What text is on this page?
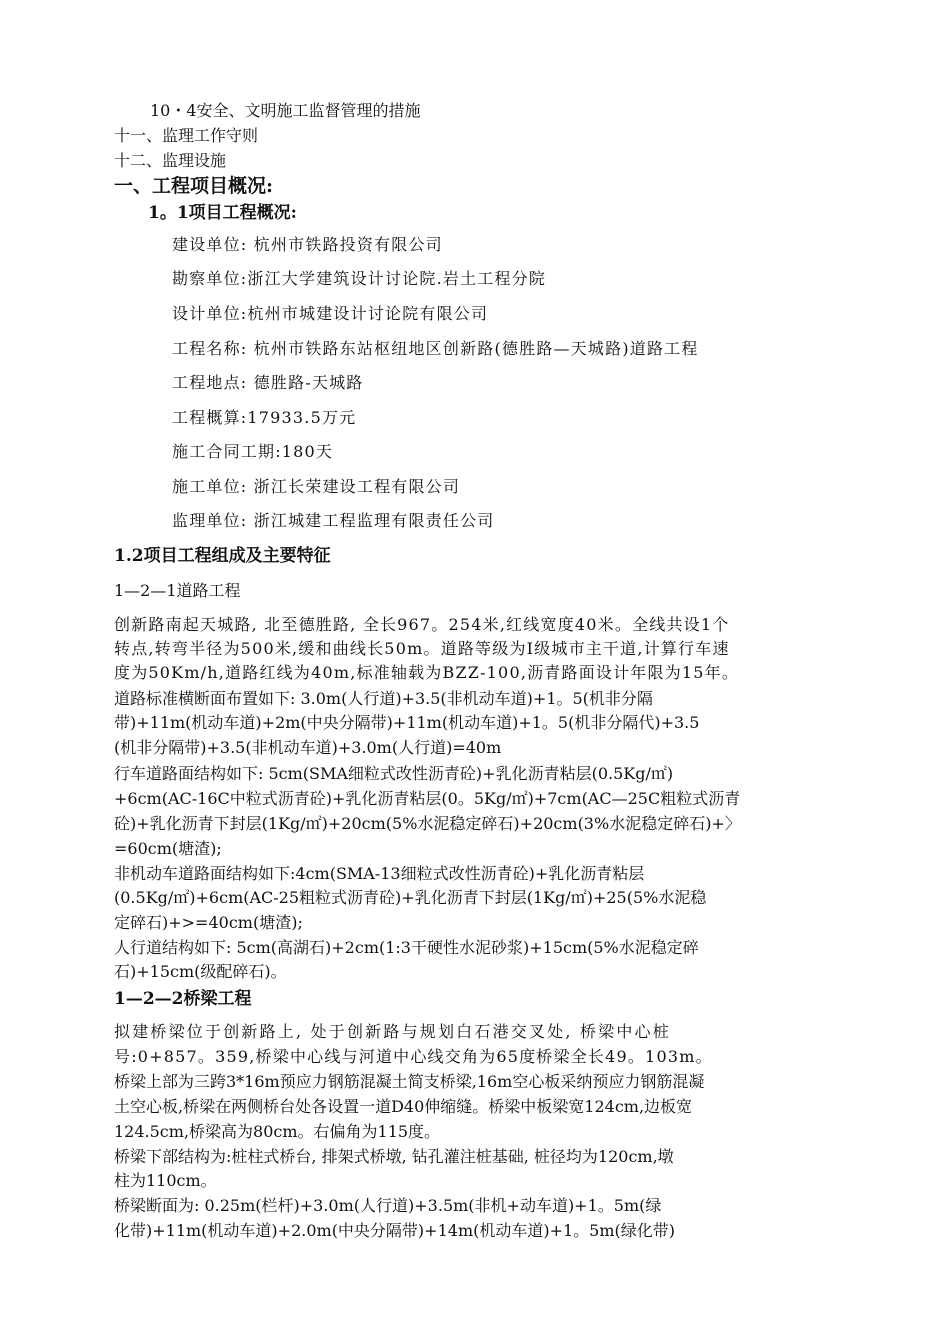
10・4安全、文明施工监督管理的措施
十一、监理工作守则
十二、监理设施
一、工程项目概况:
1。1项目工程概况:
建设单位: 杭州市铁路投资有限公司
勘察单位:浙江大学建筑设计讨论院.岩土工程分院
设计单位:杭州市城建设计讨论院有限公司
工程名称: 杭州市铁路东站枢纽地区创新路(德胜路—天城路)道路工程
工程地点: 德胜路-天城路
工程概算:17933.5万元
施工合同工期:180天
施工单位: 浙江长荣建设工程有限公司
监理单位: 浙江城建工程监理有限责任公司
1.2项目工程组成及主要特征
1—2—1道路工程
创新路南起天城路, 北至德胜路, 全长967。254米,红线宽度40米。全线共设1个
转点,转弯半径为500米,缓和曲线长50m。道路等级为I级城市主干道,计算行车速
度为50Km/h,道路红线为40m,标准轴载为BZZ-100,沥青路面设计年限为15年。
道路标准横断面布置如下: 3.0m(人行道)+3.5(非机动车道)+1。5(机非分隔
带)+11m(机动车道)+2m(中央分隔带)+11m(机动车道)+1。5(机非分隔代)+3.5
(机非分隔带)+3.5(非机动车道)+3.0m(人行道)=40m
行车道路面结构如下: 5cm(SMA细粒式改性沥青砼)+乳化沥青粘层(0.5Kg/㎡)
+6cm(AC-16C中粒式沥青砼)+乳化沥青粘层(0。5Kg/㎡)+7cm(AC—25C粗粒式沥青
砼)+乳化沥青下封层(1Kg/㎡)+20cm(5%水泥稳定碎石)+20cm(3%水泥稳定碎石)+〉
=60cm(塘渣);
非机动车道路面结构如下:4cm(SMA-13细粒式改性沥青砼)+乳化沥青粘层
(0.5Kg/㎡)+6cm(AC-25粗粒式沥青砼)+乳化沥青下封层(1Kg/㎡)+25(5%水泥稳
定碎石)+>=40cm(塘渣);
人行道结构如下: 5cm(高湖石)+2cm(1:3干硬性水泥砂浆)+15cm(5%水泥稳定碎
石)+15cm(级配碎石)。
1—2—2桥梁工程
拟建桥梁位于创新路上, 处于创新路与规划白石港交叉处, 桥梁中心桩
号:0+857。359,桥梁中心线与河道中心线交角为65度桥梁全长49。103m。
桥梁上部为三跨3*16m预应力钢筋混凝土简支桥梁,16m空心板采纳预应力钢筋混凝
土空心板,桥梁在两侧桥台处各设置一道D40伸缩缝。桥梁中板梁宽124cm,边板宽
124.5cm,桥梁高为80cm。右偏角为115度。
桥梁下部结构为:桩柱式桥台, 排架式桥墩, 钻孔灌注桩基础, 桩径均为120cm,墩
柱为110cm。
桥梁断面为: 0.25m(栏杆)+3.0m(人行道)+3.5m(非机+动车道)+1。5m(绿
化带)+11m(机动车道)+2.0m(中央分隔带)+14m(机动车道)+1。5m(绿化带)
